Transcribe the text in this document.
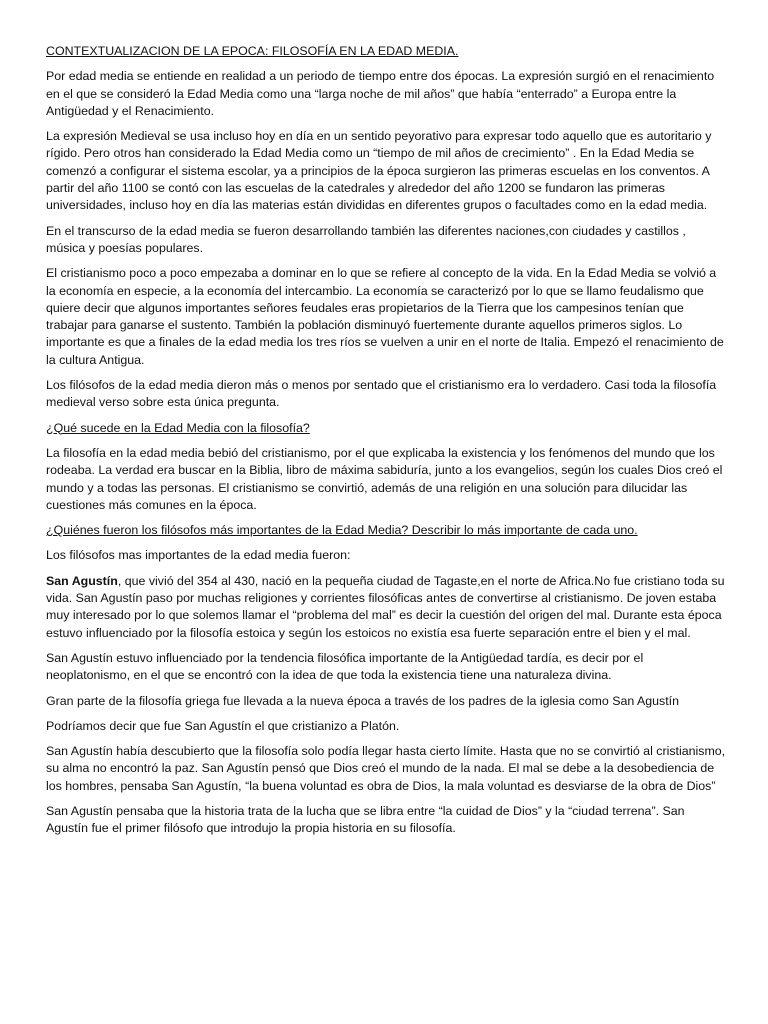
CONTEXTUALIZACION DE LA EPOCA: FILOSOFÍA EN LA EDAD MEDIA.

Por edad media se entiende en realidad a un periodo de tiempo entre dos épocas. La expresión surgió en el renacimiento en el que se consideró la Edad Media como una “larga noche de mil años” que había “enterrado” a Europa entre la Antigüedad y el Renacimiento.

La expresión Medieval se usa incluso hoy en día en un sentido peyorativo para expresar todo aquello que es autoritario y rígido. Pero otros han considerado la Edad Media como un “tiempo de mil años de crecimiento” . En la Edad Media se comenzó a configurar el sistema escolar, ya a principios de la época surgieron las primeras escuelas en los conventos. A partir del año 1100 se contó con las escuelas de la catedrales y alrededor del año 1200 se fundaron las primeras universidades, incluso hoy en día las materias están divididas en diferentes grupos o facultades como en la edad media.

En el transcurso de la edad media se fueron desarrollando también las diferentes naciones,con ciudades y castillos , música y poesías populares.

El cristianismo poco a poco empezaba a dominar en lo que se refiere al concepto de la vida. En la Edad Media se volvió a la economía en especie, a la economía del intercambio. La economía se caracterizó por lo que se llamo feudalismo que quiere decir que algunos importantes señores feudales eras propietarios de la Tierra que los campesinos tenían que trabajar para ganarse el sustento. También la población disminuyó fuertemente durante aquellos primeros siglos. Lo importante es que a finales de la edad media los tres ríos se vuelven a unir en el norte de Italia. Empezó el renacimiento de la cultura Antigua.

Los filósofos de la edad media dieron más o menos por sentado que el cristianismo era lo verdadero. Casi toda la filosofía medieval verso sobre esta única pregunta.

¿Qué sucede en la Edad Media con la filosofía?

La filosofía en la edad media bebió del cristianismo, por el que explicaba la existencia y los fenómenos del mundo que los rodeaba. La verdad era buscar en la Biblia, libro de máxima sabiduría, junto a los evangelios, según los cuales Dios creó el mundo y a todas las personas. El cristianismo se convirtió, además de una religión en una solución para dilucidar las cuestiones más comunes en la época.

¿Quiénes fueron los filósofos más importantes de la Edad Media? Describir lo más importante de cada uno.

Los filósofos mas importantes de la edad media fueron:

San Agustín, que vivió del 354 al 430, nació en la pequeña ciudad de Tagaste,en el norte de Africa.No fue cristiano toda su vida. San Agustín paso por muchas religiones y corrientes filosóficas antes de convertirse al cristianismo. De joven estaba muy interesado por lo que solemos llamar el “problema del mal” es decir la cuestión del origen del mal. Durante esta época estuvo influenciado por la filosofía estoica y según los estoicos no existía esa fuerte separación entre el bien y el mal.

San Agustín estuvo influenciado por la tendencia filosófica importante de la Antigüedad tardía, es decir por el neoplatonismo, en el que se encontró con la idea de que toda la existencia tiene una naturaleza divina.

Gran parte de la filosofía griega fue llevada a la nueva época a través de los padres de la iglesia como San Agustín

Podríamos decir que fue San Agustín el que cristianizo a Platón.

San Agustín había descubierto que la filosofía solo podía llegar hasta cierto límite. Hasta que no se convirtió al cristianismo, su alma no encontró la paz. San Agustín pensó que Dios creó el mundo de la nada. El mal se debe a la desobediencia de los hombres, pensaba San Agustín, “la buena voluntad es obra de Dios, la mala voluntad es desviarse de la obra de Dios”

San Agustín pensaba que la historia trata de la lucha que se libra entre “la cuidad de Dios” y la “ciudad terrena”. San Agustín fue el primer filósofo que introdujo la propia historia en su filosofía.
